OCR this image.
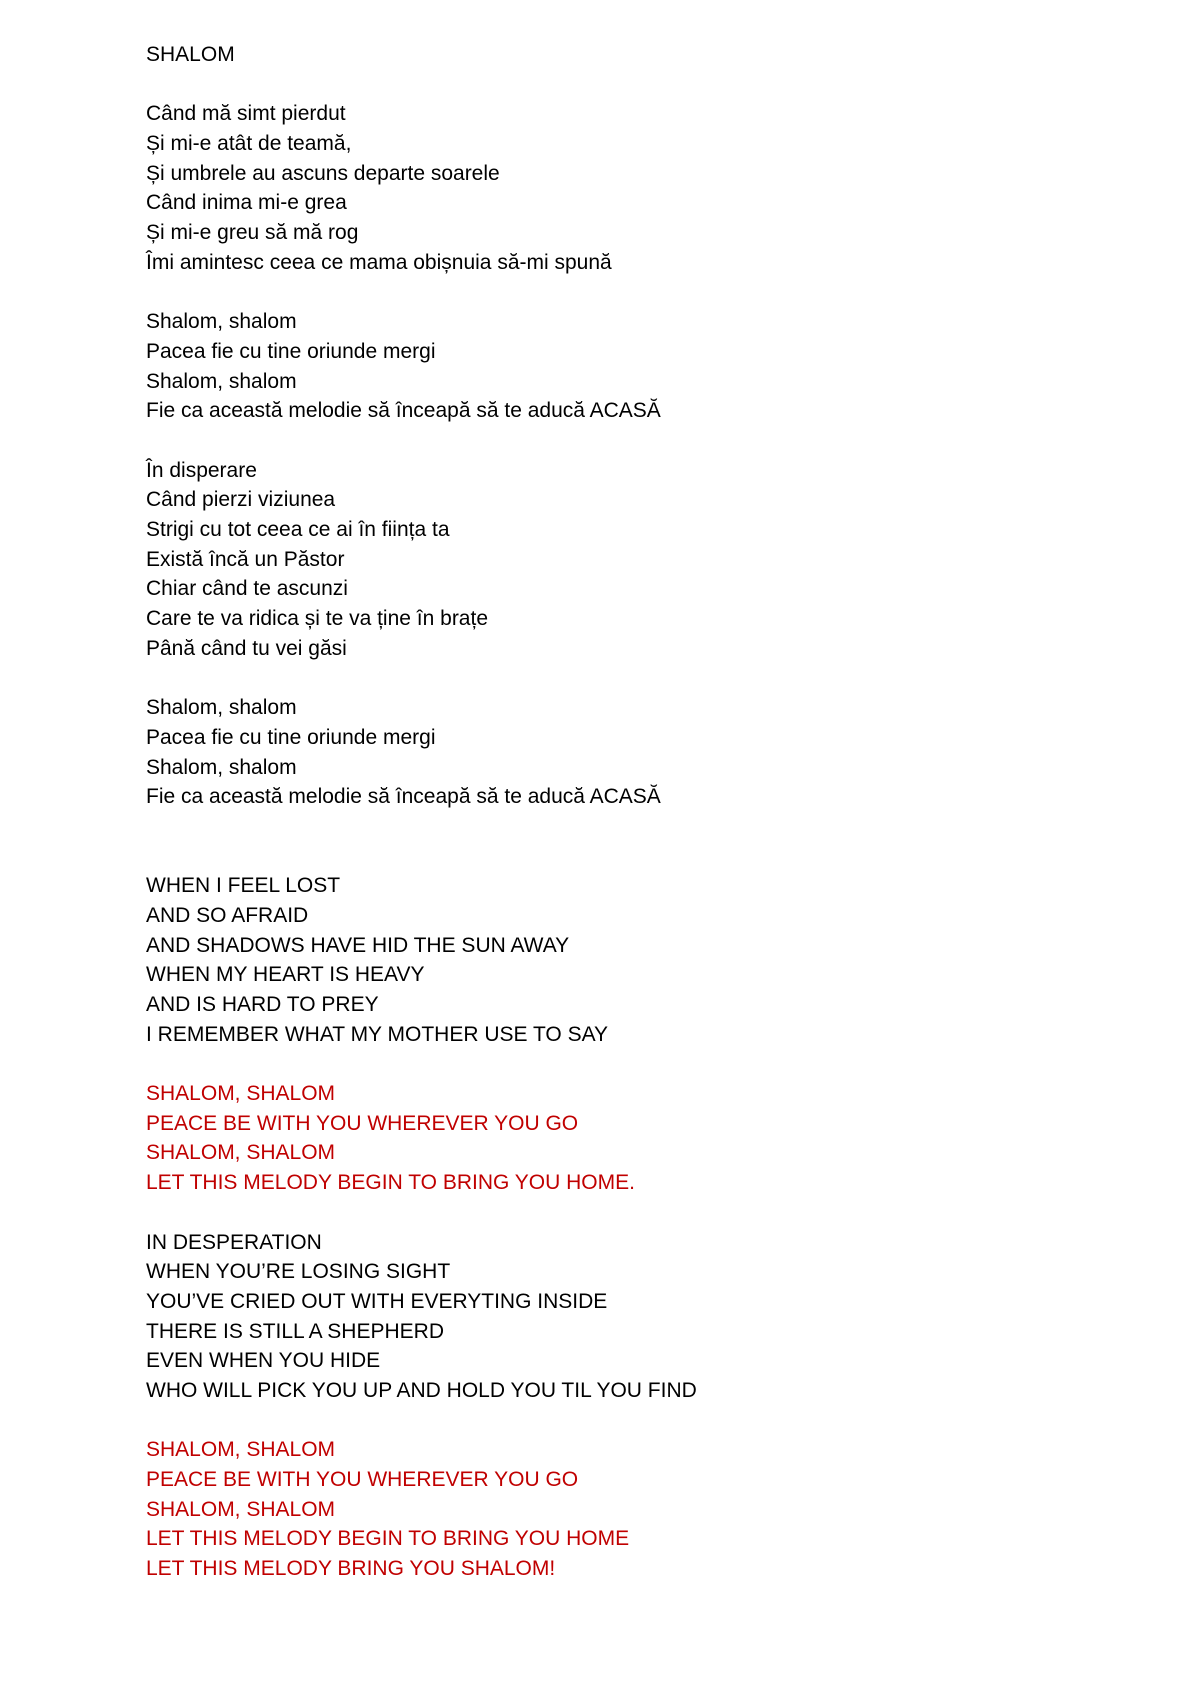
SHALOM
Când mă simt pierdut
Și mi-e atât de teamă,
Și umbrele au ascuns departe soarele
Când inima mi-e grea
Și mi-e greu să mă rog
Îmi amintesc ceea ce mama obișnuia să-mi spună
Shalom, shalom
Pacea fie cu tine oriunde mergi
Shalom, shalom
Fie ca această melodie să înceapă să te aducă ACASĂ
În disperare
Când pierzi viziunea
Strigi cu tot ceea ce ai în ființa ta
Există încă un Păstor
Chiar când te ascunzi
Care te va ridica și te va ține în brațe
Până când tu vei găsi
Shalom, shalom
Pacea fie cu tine oriunde mergi
Shalom, shalom
Fie ca această melodie să înceapă să te aducă ACASĂ
WHEN I FEEL LOST
AND SO AFRAID
AND SHADOWS HAVE HID THE SUN AWAY
WHEN MY HEART IS HEAVY
AND IS HARD TO PREY
I REMEMBER WHAT MY MOTHER USE TO SAY
SHALOM, SHALOM
PEACE BE WITH YOU WHEREVER YOU GO
SHALOM, SHALOM
LET THIS MELODY BEGIN TO BRING YOU HOME.
IN DESPERATION
WHEN YOU’RE LOSING SIGHT
YOU’VE CRIED OUT WITH EVERYTING INSIDE
THERE IS STILL A SHEPHERD
EVEN WHEN YOU HIDE
WHO WILL PICK YOU UP AND HOLD YOU TIL YOU FIND
SHALOM, SHALOM
PEACE BE WITH YOU WHEREVER YOU GO
SHALOM, SHALOM
LET THIS MELODY BEGIN TO BRING YOU HOME
LET THIS MELODY BRING YOU SHALOM!
